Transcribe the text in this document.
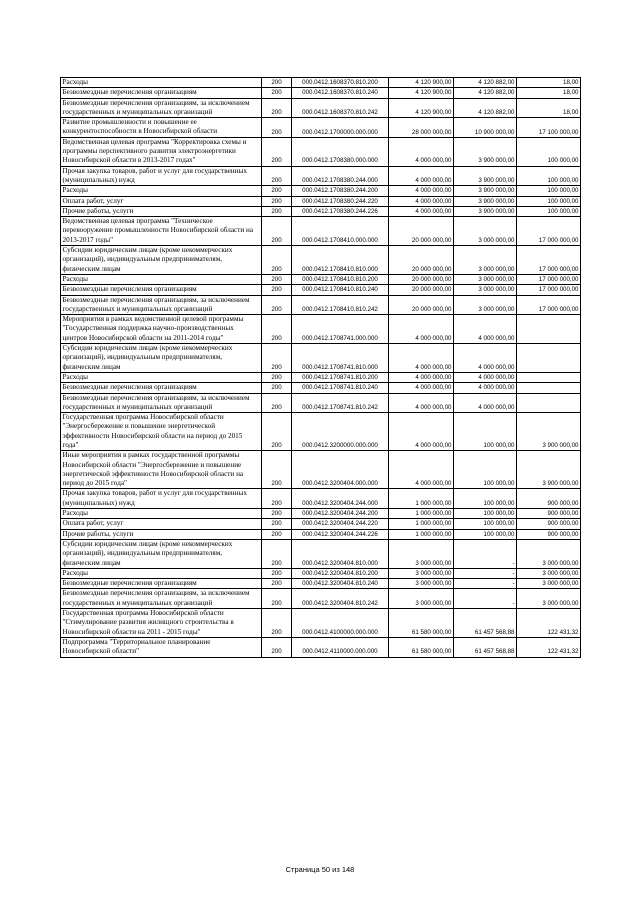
Расходы	200	000.0412.1608370.810.200	4 120 900,00	4 120 882,00	18,00
Безвозмездные перечисления организациям	200	000.0412.1608370.810.240	4 120 900,00	4 120 882,00	18,00
Безвозмездные перечисления организациям, за исключением государственных и муниципальных организаций	200	000.0412.1608370.810.242	4 120 900,00	4 120 882,00	18,00
Развитие промышленности и повышение ее конкурентоспособности в Новосибирской области	200	000.0412.1700000.000.000	28 000 000,00	10 900 000,00	17 100 000,00
Ведомственная целевая программа "Корректировка схемы и программы перспективного развития электроэнергетики Новосибирской области в 2013-2017 годах"	200	000.0412.1708380.000.000	4 000 000,00	3 900 000,00	100 000,00
Прочая закупка товаров, работ и услуг для государственных (муниципальных) нужд	200	000.0412.1708380.244.000	4 000 000,00	3 900 000,00	100 000,00
Расходы	200	000.0412.1708380.244.200	4 000 000,00	3 900 000,00	100 000,00
Оплата работ, услуг	200	000.0412.1708380.244.220	4 000 000,00	3 900 000,00	100 000,00
Прочие работы, услуги	200	000.0412.1708380.244.226	4 000 000,00	3 900 000,00	100 000,00
Ведомственная целевая программа "Техническое перевооружение промышленности Новосибирской области на 2013-2017 годы"	200	000.0412.1708410.000.000	20 000 000,00	3 000 000,00	17 000 000,00
Субсидии юридическим лицам (кроме некоммерческих организаций), индивидуальным предпринимателям, физическим лицам	200	000.0412.1708410.810.000	20 000 000,00	3 000 000,00	17 000 000,00
Расходы	200	000.0412.1708410.810.200	20 000 000,00	3 000 000,00	17 000 000,00
Безвозмездные перечисления организациям	200	000.0412.1708410.810.240	20 000 000,00	3 000 000,00	17 000 000,00
Безвозмездные перечисления организациям, за исключением государственных и муниципальных организаций	200	000.0412.1708410.810.242	20 000 000,00	3 000 000,00	17 000 000,00
Мероприятия в рамках ведомственной целевой программы "Государственная поддержка научно-производственных центров Новосибирской области на 2011-2014 годы"	200	000.0412.1708741.000.000	4 000 000,00	4 000 000,00	
Субсидии юридическим лицам (кроме некоммерческих организаций), индивидуальным предпринимателям, физическим лицам	200	000.0412.1708741.810.000	4 000 000,00	4 000 000,00	
Расходы	200	000.0412.1708741.810.200	4 000 000,00	4 000 000,00	
Безвозмездные перечисления организациям	200	000.0412.1708741.810.240	4 000 000,00	4 000 000,00	
Безвозмездные перечисления организациям, за исключением государственных и муниципальных организаций	200	000.0412.1708741.810.242	4 000 000,00	4 000 000,00	
Государственная программа Новосибирской области "Энергосбережение и повышение энергетической эффективности Новосибирской области на период до 2015 года"	200	000.0412.3200000.000.000	4 000 000,00	100 000,00	3 900 000,00
Иные мероприятия в рамках государственной программы Новосибирской области "Энергосбережение и повышение энергетической эффективности Новосибирской области на период до 2015 года"	200	000.0412.3200404.000.000	4 000 000,00	100 000,00	3 900 000,00
Прочая закупка товаров, работ и услуг для государственных (муниципальных) нужд	200	000.0412.3200404.244.000	1 000 000,00	100 000,00	900 000,00
Расходы	200	000.0412.3200404.244.200	1 000 000,00	100 000,00	900 000,00
Оплата работ, услуг	200	000.0412.3200404.244.220	1 000 000,00	100 000,00	900 000,00
Прочие работы, услуги	200	000.0412.3200404.244.226	1 000 000,00	100 000,00	900 000,00
Субсидии юридическим лицам (кроме некоммерческих организаций), индивидуальным предпринимателям, физическим лицам	200	000.0412.3200404.810.000	3 000 000,00	-	3 000 000,00
Расходы	200	000.0412.3200404.810.200	3 000 000,00	-	3 000 000,00
Безвозмездные перечисления организациям	200	000.0412.3200404.810.240	3 000 000,00	-	3 000 000,00
Безвозмездные перечисления организациям, за исключением государственных и муниципальных организаций	200	000.0412.3200404.810.242	3 000 000,00	-	3 000 000,00
Государственная программа Новосибирской области "Стимулирование развития жилищного строительства в Новосибирской области на 2011 - 2015 годы"	200	000.0412.4100000.000.000	61 580 000,00	61 457 568,88	122 431,32
Подпрограмма "Территориальное планирование Новосибирской области"	200	000.0412.4110000.000.000	61 580 000,00	61 457 568,88	122 431,32
Страница 50 из 148
